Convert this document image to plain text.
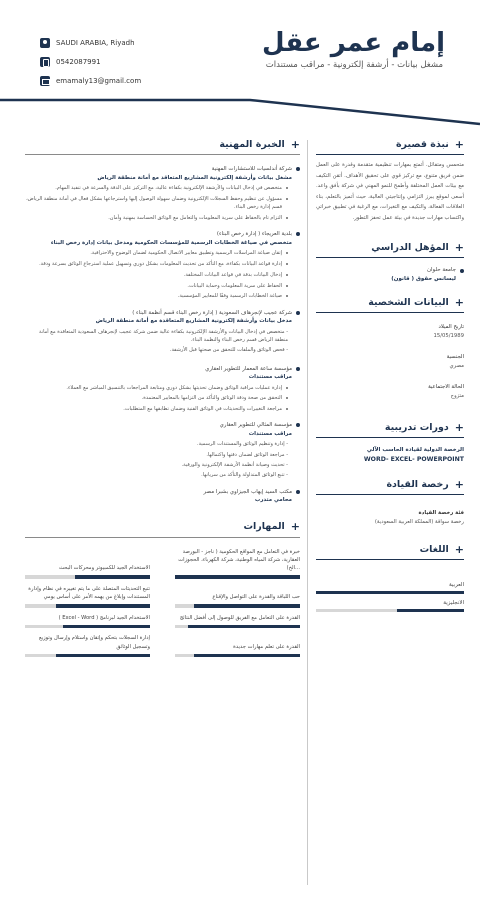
SAUDI ARABIA, Riyadh
0542087991
emamaly13@gmail.com
إمام عمر عقل
مشغل بيانات - أرشفة إلكترونية - مراقب مستندات
+
نبذة قصيرة
متحمس ومتفائل. أتمتع بمهارات تنظيمية متقدمة وقدرة على العمل ضمن فريق متنوع، مع تركيز قوي على تحقيق الأهداف. أتقن التكيف مع بيئات العمل المختلفة وأطمح للنمو المهني في شركة بأفق واعد. أسعى لموقع يبرز التزامي وإنتاجيتي العالية، حيث أتميز بالتعلم، بناء العلاقات الفعالة، والتكيف مع التغيرات، مع الرغبة في تطبيق خبراتي واكتساب مهارات جديدة في بيئة عمل تحفز التطور.
+
المؤهل الدراسي
جامعة حلوان
ليسانس حقوق ( قانون)
+
البيانات الشخصية
تاريخ الميلاد
15/05/1989
الجنسية
مصري
الحالة الاجتماعية
متزوج
+
دورات تدريبية
الرخصة الدولية لقيادة الحاسب الآلي
WORD- EXCEL- POWERPOINT
+
رخصة القيادة
فئة رخصة القيادة
رخصة سواقة (المملكة العربية السعودية)
+
اللغات
العربية
الانجليزية
+
الخبرة المهنية
شركة أندلسيات للاستشارات المهنية
مشغل بيانات وأرشفة إلكترونية المشاريع المتعاقد مع أمانة منطقة الرياض
متخصص في إدخال البيانات والأرشفة الإلكترونية بكفاءة عالية، مع التركيز على الدقة والسرعة في تنفيذ المهام.
مسؤول عن تنظيم وحفظ السجلات الإلكترونية وضمان سهولة الوصول إليها واسترجاعها بشكل فعال في أمانة منطقة الرياض، قسم إدارة رخص البناء.
التزام تام بالحفاظ على سرية المعلومات والتعامل مع الوثائق الحساسة بمهنية وأمان.
بلدية العريجاء ( إدارة رخص البناء)
متخصص في صياغة الخطابات الرسمية للمؤسسات الحكومية ومدخل بيانات إدارة رخص البناء
إتقان صياغة المراسلات الرسمية وتطبيق معايير الاتصال الحكومية لضمان الوضوح والاحترافية.
إدارة قواعد البيانات بكفاءة، مع التأكد من تحديث المعلومات بشكل دوري وتسهيل عملية استرجاع الوثائق بسرعة ودقة.
إدخال البيانات بدقة في قواعد البيانات المختلفة.
الحفاظ على سرية المعلومات وحماية البيانات.
صياغة الخطابات الرسمية وفقًا للمعايير المؤسسية.
شركة عجيب لإنجرهاف السعودية ( إدارة رخص البناء قسم أنظمة البناء )
مدخل بيانات وأرشفة إلكترونية المشاريع المتعاقدة مع أمانة منطقة الرياض
- متخصص في إدخال البيانات والأرشفة الإلكترونية بكفاءة عالية ضمن شركة عجيب لإنجرهاف السعودية المتعاقدة مع أمانة منطقة الرياض قسم رخص البناء والنظمة البناء.
- فحص الوثائق والملفات للتحقق من صحتها قبل الأرشفة.
مؤسسة ساعة المعمار للتطوير العقاري
مراقب مستندات
إدارة عمليات مراقبة الوثائق وضمان تحديثها بشكل دوري ومتابعة المراجعات بالتنسيق المباشر مع العملاء.
التحقق من صحة ودقة الوثائق والتأكد من التزامها بالمعايير المعتمدة.
مراجعة التغييرات والتحديثات في الوثائق الفنية وضمان تطابقها مع المتطلبات.
مؤسسة المثالي للتطوير العقاري
مراقب مستندات
- إدارة وتنظيم الوثائق والمستندات الرسمية.
- مراجعة الوثائق لضمان دقتها واكتمالها.
- تحديث وصيانة أنظمة الأرشفة الإلكترونية والورقية.
- تتبع الوثائق المتداولة والتأكد من سريانها.
مكتب السيد إيهاب الجيزاوي بشبرا مصر
محامي متدرب
+
المهارات
خبرة في التعامل مع المواقع الحكومية ( ناجز - البورصة العقارية، شركة المياه الوطنية، شركة الكهرباء، الحجوزات ...الخ)
الاستخدام الجيد للكمبيوتر ومحركات البحث
حب اللباقة والقدرة على التواصل والإقناع
تتبع التحديثات المتصلة على ما يتم تغييره في نظام وإدارة المستندات وإبلاغ من يهمه الأمر على أساس يومي
القدرة على التعامل مع الفريق للوصول إلى أفضل النتائج
الاستخدام الجيد لبرنامج ( Excel - Word )
القدرة على تعلم مهارات جديدة
إدارة السجلات بتحكم وإتقان واستلام وإرسال وتوزيع وتسجيل الوثائق
